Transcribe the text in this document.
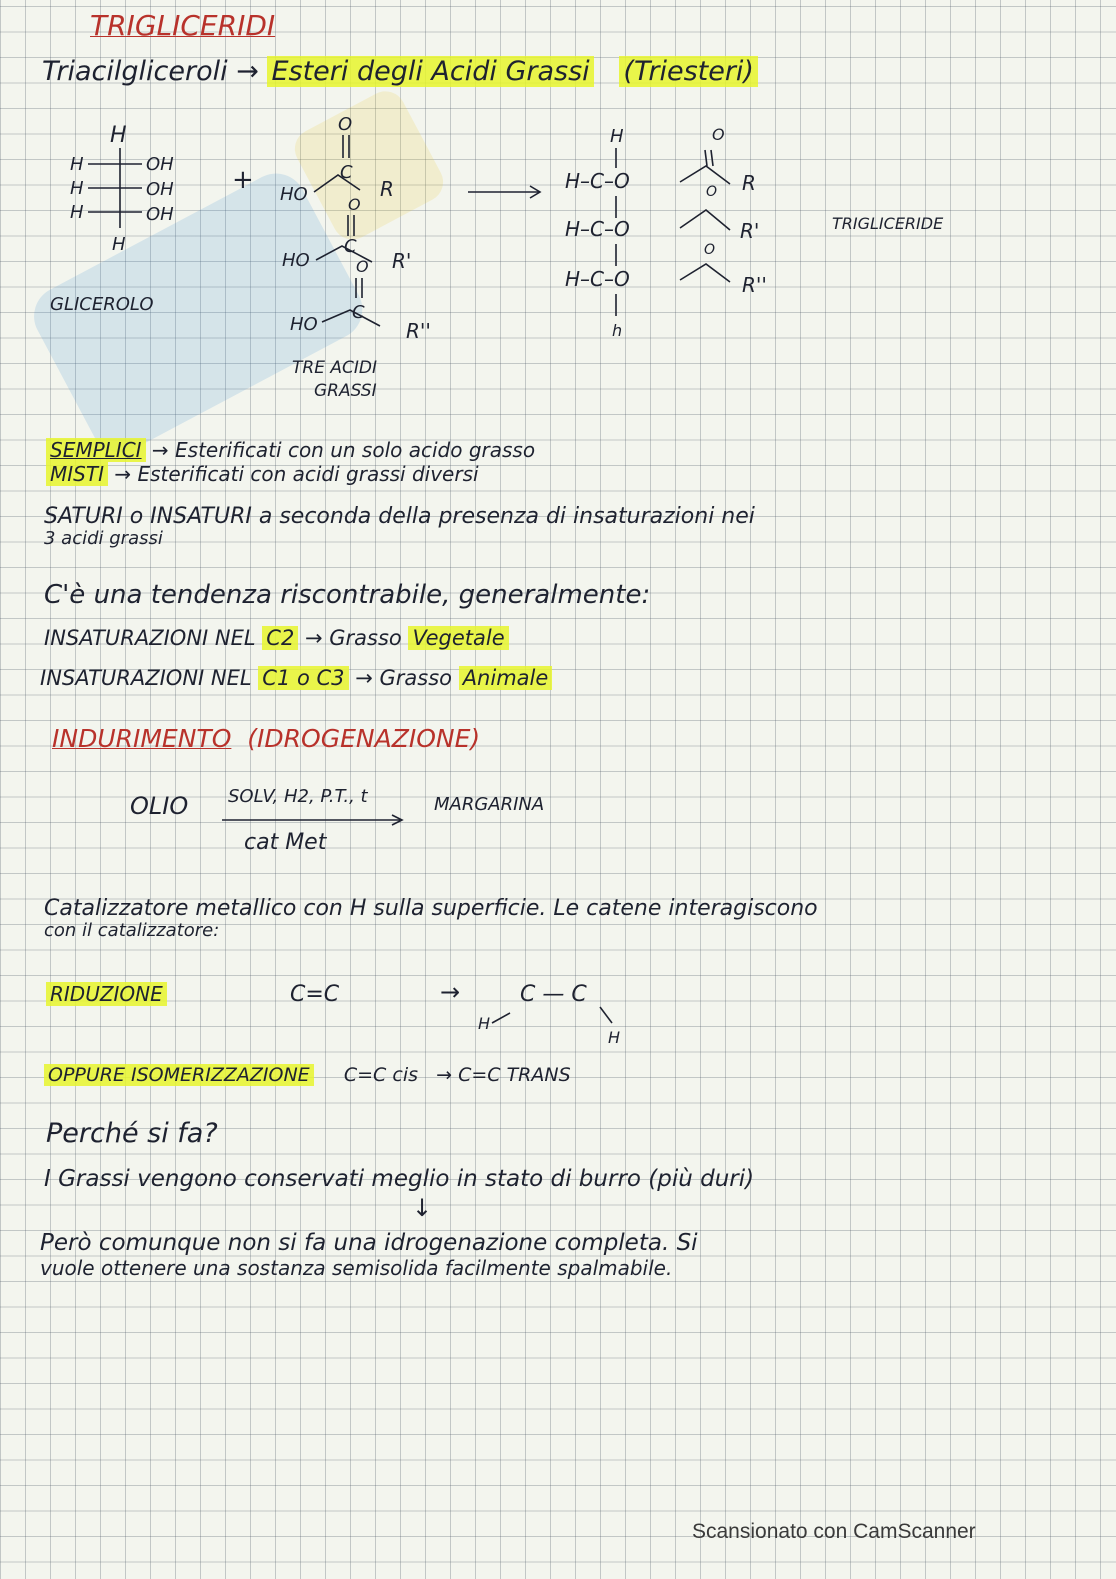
TRIGLICERIDI
Triacilgliceroli → Esteri degli Acidi Grassi (Triesteri)
H
H	OH
H	OH
H	OH
H
+
O
HO
C
R
O
HO
C
R'
O
HO
C
R''
H
H–C–O
O
R
H–C–O
O
R'
O
H–C–O	R''
h
GLICEROLO
TRE ACIDI
GRASSI
TRIGLICERIDE
SEMPLICI → Esterificati con un solo acido grasso
MISTI → Esterificati con acidi grassi diversi
SATURI o INSATURI a seconda della presenza di insaturazioni nei
3 acidi grassi
C'è una tendenza riscontrabile, generalmente:
INSATURAZIONI NEL C2 → Grasso Vegetale
INSATURAZIONI NEL C1 o C3 → Grasso Animale
INDURIMENTO (IDROGENAZIONE)
OLIO SOLV, H2, P.T., t
cat Met
MARGARINA
Catalizzatore metallico con H sulla superficie. Le catene interagiscono
con il catalizzatore:
RIDUZIONE	C=C	→	C — C
H
H
OPPURE ISOMERIZZAZIONE C=C cis → C=C TRANS
Perché si fa?
I Grassi vengono conservati meglio in stato di burro (più duri)
↓
Però comunque non si fa una idrogenazione completa. Si
vuole ottenere una sostanza semisolida facilmente spalmabile.
Scansionato con CamScanner
